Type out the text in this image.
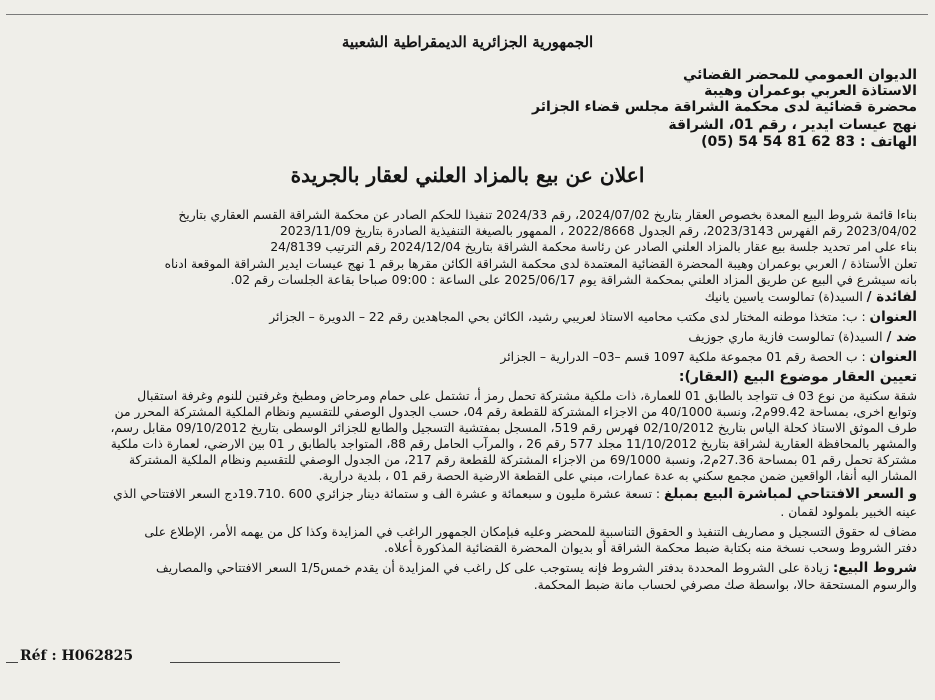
الجمهورية الجزائرية الديمقراطية الشعبية
الديوان العمومي للمحضر القضائي
الاستاذة العربي بوعمران وهيبة
محضرة قضائية لدى محكمة الشراقة مجلس قضاء الجزائر
نهج عيسات ايدير ، رقم 01، الشراقة
الهاتف : 83 62 81 54 54 (05)
اعلان عن بيع بالمزاد العلني لعقار بالجريدة
بناءا قائمة شروط البيع المعدة بخصوص العقار بتاريخ 2024/07/02، رقم 2024/33 تنفيذا للحكم الصادر عن محكمة الشراقة القسم العقاري بتاريخ
2023/04/02 رقم الفهرس 2023/3143، رقم الجدول 2022/8668 ، الممهور بالصيغة التنفيذية الصادرة بتاريخ 2023/11/09
بناء على امر تحديد جلسة بيع عقار بالمزاد العلني الصادر عن رئاسة محكمة الشراقة بتاريخ 2024/12/04 رقم الترتيب 24/8139
تعلن الأستاذة / العربي بوعمران وهيبة المحضرة القضائية المعتمدة لدى محكمة الشراقة الكائن مقرها برقم 1 نهج عيسات ايدير الشراقة الموقعة ادناه
بانه سيشرع في البيع عن طريق المزاد العلني بمحكمة الشراقة يوم 2025/06/17 على الساعة : 09:00 صباحا بقاعة الجلسات رقم 02.
لفائدة / السيد(ة) تمالوست ياسين يانيك
العنوان : ب: متخذا موطنه المختار لدى مكتب محاميه الاستاذ لعريبي رشيد، الكائن بحي المجاهدين رقم 22 – الدويرة – الجزائر
ضد / السيد(ة) تمالوست فازية ماري جوزيف
العنوان : ب الحصة رقم 01 مجموعة ملكية 1097 قسم –03– الدرارية – الجزائر
تعيين العقار موضوع البيع (العقار):
شقة سكنية من نوع 03 ف تتواجد بالطابق 01 للعمارة، ذات ملكية مشتركة تحمل رمز أ، تشتمل على حمام ومرحاض ومطبخ وغرفتين للنوم وغرفة استقبال
وتوابع اخرى، بمساحة 99.42م2، ونسبة 40/1000 من الاجزاء المشتركة للقطعة رقم 04، حسب الجدول الوصفي للتقسيم ونظام الملكية المشتركة المحرر من
طرف الموثق الاستاذ كحلة الياس بتاريخ 02/10/2012 فهرس رقم 519، المسجل بمفتشية التسجيل والطابع للجزائر الوسطى بتاريخ 09/10/2012 مقابل رسم،
والمشهر بالمحافظة العقارية لشراقة بتاريخ 11/10/2012 مجلد 577 رقم 26 ، والمرآب الحامل رقم 88، المتواجد بالطابق ر 01 بين الارضي، لعمارة ذات ملكية
مشتركة تحمل رقم 01 بمساحة 27.36م2، ونسبة 69/1000 من الاجزاء المشتركة للقطعة رقم 217، من الجدول الوصفي للتقسيم ونظام الملكية المشتركة
المشار اليه أنفا، الواقعين ضمن مجمع سكني به عدة عمارات، مبني على القطعة الارضية الحصة رقم 01 ، بلدية درارية.
و السعر الافتتاحي لمباشرة البيع بمبلغ : تسعة عشرة مليون و سبعمائة و عشرة الف و ستمائة دينار جزائري 600 .19.710دج السعر الافتتاحي الذي
عينه الخبير بلمولود لقمان .
مضاف له حقوق التسجيل و مصاريف التنفيذ و الحقوق التناسبية للمحضر وعليه فبإمكان الجمهور الراغب في المزايدة وكذا كل من يهمه الأمر، الإطلاع على
دفتر الشروط وسحب نسخة منه بكتابة ضبط محكمة الشراقة أو بديوان المحضرة القضائية المذكورة أعلاه.
شروط البيع: زيادة على الشروط المحددة بدفتر الشروط فإنه يستوجب على كل راغب في المزايدة أن يقدم خمس1/5 السعر الافتتاحي والمصاريف
والرسوم المستحقة حالا، بواسطة صك مصرفي لحساب مانة ضبط المحكمة.
Réf : H062825
